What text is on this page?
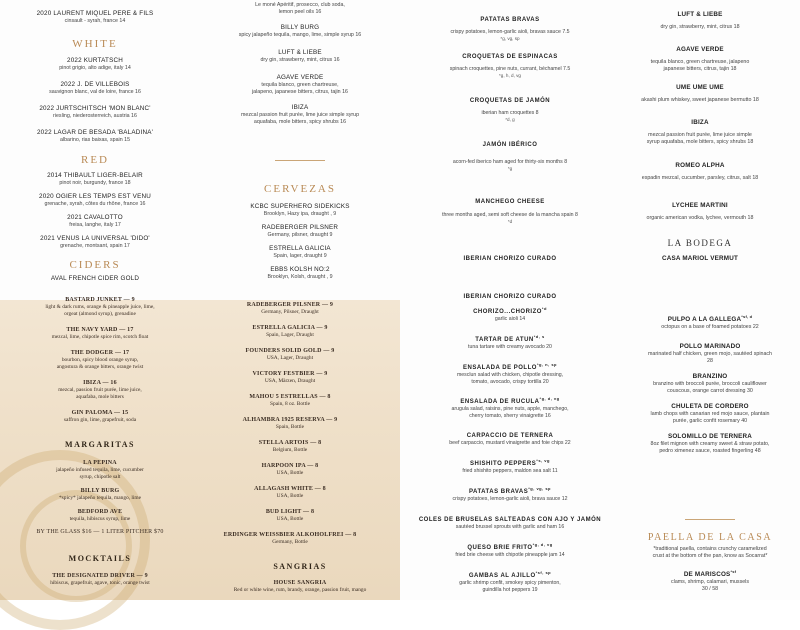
2020 LAURENT MIQUEL PERE & FILS
cinsault - syrah, france 14
WHITE
2022 KURTATSCH
pinot grigio, alto adige, italy 14
2022 J. DE VILLEBOIS
sauvignon blanc, val de loire, france 16
2022 JURTSCHITSCH 'MON BLANC'
riesling, niederosterreich, austria 16
2022 LAGAR DE BESADA 'BALADINA'
albarino, rias baixas, spain 15
RED
2014 THIBAULT LIGER-BELAIR
pinot noir, burgundy, france 18
2020 OGIER LES TEMPS EST VENU
grenache, syrah, côtes du rhône, france 16
2021 CAVALOTTO
freisa, langhe, italy 17
2021 VENUS LA UNIVERSAL 'DIDO'
grenache, montsant, spain 17
CIDERS
AVAL FRENCH CIDER GOLD
Le moné Apéritif, prosecco, club soda,
lemon peel oils 16
BILLY BURG
spicy jalapeño tequila, mango, lime, simple syrup 16
LUFT & LIEBE
dry gin, strawberry, mint, citrus 16
AGAVE VERDE
tequila blanco, green chartreuse,
jalapeno, japanese bitters, citrus, tajin 16
IBIZA
mezcal passion fruit purée, lime juice simple syrup
aquafaba, mole bitters, spicy shrubs 16
CERVEZAS
KCBC SUPERHERO SIDEKICKS
Brooklyn, Hazy ipa, draught , 9
RADEBERGER PILSNER
Germany, pilsner, draught 9
ESTRELLA GALICIA
Spain, lager, draught 9
EBBS KOLSH NO:2
Brooklyn, Kolsh, draught , 9
PATATAS BRAVAS
crispy potatoes, lemon-garlic aioli, bravas sauce 7.5
*g, vg, sp
CROQUETAS DE ESPINACAS
spinach croquettes, pine nuts, currant, béchamel 7.5
*g, h, d, vg
CROQUETAS DE JAMÓN
iberian ham croquettes 8
*d, g
JAMÓN IBÉRICO
acorn-fed iberico ham aged for thirty-six months 8
*g
MANCHEGO CHEESE
three months aged, semi soft cheese de la mancha spain 8
*d
IBERIAN CHORIZO CURADO
LUFT & LIEBE
dry gin, strawberry, mint, citrus 18
AGAVE VERDE
tequila blanco, green chartreuse, jalapeno
japanese bitters, citrus, tajin 18
UME UME UME
akashi plum whiskey, sweet japanese bermutto 18
IBIZA
mezcal passion fruit purée, lime juice simple
syrup aquafaba, mole bitters, spicy shrubs 18
ROMEO ALPHA
espadin mezcal, cucumber, parsley, citrus, salt 18
LYCHEE MARTINI
organic american vodka, lychee, vermouth 18
LA BODEGA
CASA MARIOL VERMUT
BASTARD JUNKET — 9
light & dark rums, orange & pineapple juice, lime,
orgeat (almond syrup), grenadine
THE NAVY YARD — 17
mezcal, lime, chipotle spice rim, scotch float
THE DODGER — 17
bourbon, spicy blood orange syrup,
angostura & orange bitters, orange twist
IBIZA — 16
mezcal, passion fruit purée, lime juice,
aquafaba, mole bitters
GIN PALOMA — 15
saffron gin, lime, grapefruit, soda
MARGARITAS
LA PEPINA
jalapeño infused tequila, lime, cucumber
syrup, chipotle salt
BILLY BURG
*spicy* jalapeño tequila, mango, lime
BEDFORD AVE
tequila, hibiscus syrup, lime
BY THE GLASS $16 — 1 LITER PITCHER $70
MOCKTAILS
THE DESIGNATED DRIVER — 9
hibiscus, grapefruit, agave, tonic, orange twist
RADEBERGER PILSNER — 9
Germany, Pilsner, Draught
ESTRELLA GALICIA — 9
Spain, Lager, Draught
FOUNDERS SOLID GOLD — 9
USA, Lager, Draught
VICTORY FESTBIER — 9
USA, Märzen, Draught
MAHOU 5 ESTRELLAS — 8
Spain, 8 oz. Bottle
ALHAMBRA 1925 RESERVA — 9
Spain, Bottle
STELLA ARTOIS — 8
Belgium, Bottle
HARPOON IPA — 8
USA, Bottle
ALLAGASH WHITE — 8
USA, Bottle
BUD LIGHT — 8
USA, Bottle
ERDINGER WEISSBIER ALKOHOLFREI — 8
Germany, Bottle
SANGRIAS
HOUSE SANGRIA
Red or white wine, rum, brandy, orange, passion fruit, mango
IBERIAN CHORIZO CURADO
CHORIZO...CHORIZO$^{*d}$
garlic aioli 14
TARTAR DE ATUN$^{*d, s}$
tuna tartare with creamy avocado 20
ENSALADA DE $POLLO^{*g, n, sp}$
mesclun salad with chicken, chipotle dressing,
tomato, avocado, crispy tortilla 20
ENSALADA DE $RUCULA^{*g, d, vg}$
arugula salad, raisins, pine nuts, apple, manchego,
cherry tomato, sherry vinaigrette 16
CARPACCIO DE TERNERA
beef carpaccio, mustard vinaigrette and foie chips 22
SHISHITO $PEPPERS^{*s, vg}$
fried shishito peppers, maldon sea salt 11
PATATAS $BRAVAS^{*g, vg, sp}$
crispy potatoes, lemon-garlic aioli, brava sauce 12
COLES DE BRUSELAS SALTEADAS CON AJO Y JAMÓN
sautéed brussel sprouts with garlic and ham 16
QUESO BRIE $FRITO^{*g, d, vg}$
fried brie cheese with chipotle pineapple jam 14
GAMBAS AL $AJILLO^{*sf, sp}$
garlic shrimp confit, smokey spicy pimenton,
guindilla hot peppers 19
PULPO A LA $GALLEGA^{*sf, d}$
octopus on a base of foamed potatoes 22
POLLO MARINADO
marinated half chicken, green mojo, sautéed spinach
28
BRANZINO
branzino with broccoli purée, broccoli cauliflower
couscous, orange carrot dressing 30
CHULETA DE CORDERO
lamb chops with canarian red mojo sauce, plantain
purée, garlic confit rosemary 40
SOLOMILLO DE TERNERA
8oz filet mignon with creamy sweet & straw potato,
pedro ximenez sauce, roasted fingerling 48
PAELLA DE LA CASA
*traditional paella, contains crunchy caramelized
crust at the bottom of the pan, know as Socarrat*
DE $MARISCOS^{*sf}$
clams, shrimp, calamari, mussels
30 / 58
